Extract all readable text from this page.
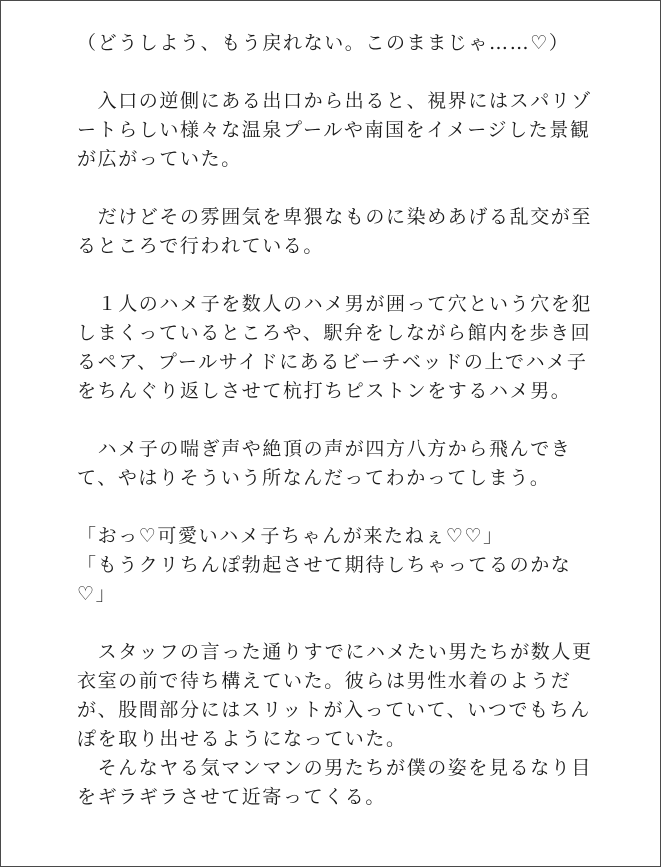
（どうしよう、もう戻れない。このままじゃ……♡）
　入口の逆側にある出口から出ると、視界にはスパリゾ
ートらしい様々な温泉プールや南国をイメージした景観
が広がっていた。
　だけどその雰囲気を卑猥なものに染めあげる乱交が至
るところで行われている。
　１人のハメ子を数人のハメ男が囲って穴という穴を犯
しまくっているところや、駅弁をしながら館内を歩き回
るペア、プールサイドにあるビーチベッドの上でハメ子
をちんぐり返しさせて杭打ちピストンをするハメ男。
　ハメ子の喘ぎ声や絶頂の声が四方八方から飛んでき
て、やはりそういう所なんだってわかってしまう。
「おっ♡可愛いハメ子ちゃんが来たねぇ♡♡」
「もうクリちんぽ勃起させて期待しちゃってるのかな
♡」
　スタッフの言った通りすでにハメたい男たちが数人更
衣室の前で待ち構えていた。彼らは男性水着のようだ
が、股間部分にはスリットが入っていて、いつでもちん
ぽを取り出せるようになっていた。
　そんなヤる気マンマンの男たちが僕の姿を見るなり目
をギラギラさせて近寄ってくる。
